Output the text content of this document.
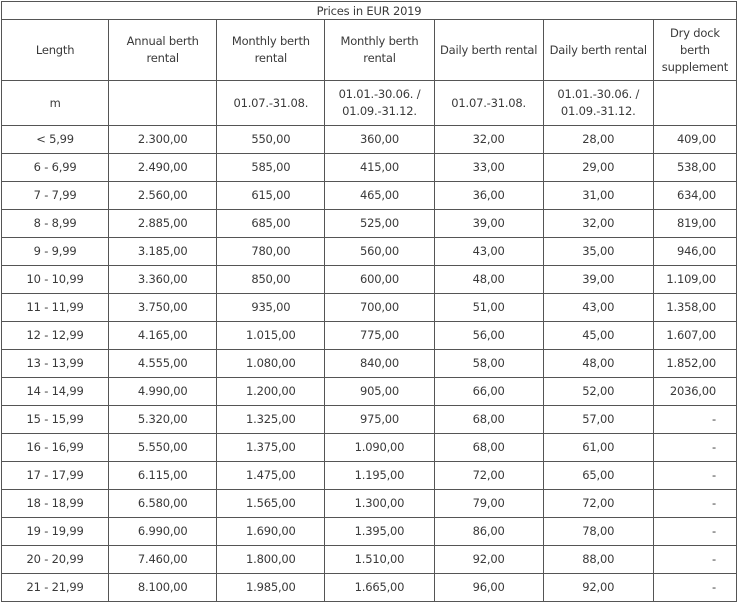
Prices in EUR 2019						
Length	Annual berth rental	Monthly berth rental	Monthly berth rental	Daily berth rental	Daily berth rental	Dry dock berth supplement
m		01.07.-31.08.	01.01.-30.06. / 01.09.-31.12.	01.07.-31.08.	01.01.-30.06. / 01.09.-31.12.	
< 5,99	2.300,00	550,00	360,00	32,00	28,00	409,00
6 - 6,99	2.490,00	585,00	415,00	33,00	29,00	538,00
7 - 7,99	2.560,00	615,00	465,00	36,00	31,00	634,00
8 - 8,99	2.885,00	685,00	525,00	39,00	32,00	819,00
9 - 9,99	3.185,00	780,00	560,00	43,00	35,00	946,00
10 - 10,99	3.360,00	850,00	600,00	48,00	39,00	1.109,00
11 - 11,99	3.750,00	935,00	700,00	51,00	43,00	1.358,00
12 - 12,99	4.165,00	1.015,00	775,00	56,00	45,00	1.607,00
13 - 13,99	4.555,00	1.080,00	840,00	58,00	48,00	1.852,00
14 - 14,99	4.990,00	1.200,00	905,00	66,00	52,00	2036,00
15 - 15,99	5.320,00	1.325,00	975,00	68,00	57,00	-
16 - 16,99	5.550,00	1.375,00	1.090,00	68,00	61,00	-
17 - 17,99	6.115,00	1.475,00	1.195,00	72,00	65,00	-
18 - 18,99	6.580,00	1.565,00	1.300,00	79,00	72,00	-
19 - 19,99	6.990,00	1.690,00	1.395,00	86,00	78,00	-
20 - 20,99	7.460,00	1.800,00	1.510,00	92,00	88,00	-
21 - 21,99	8.100,00	1.985,00	1.665,00	96,00	92,00	-
